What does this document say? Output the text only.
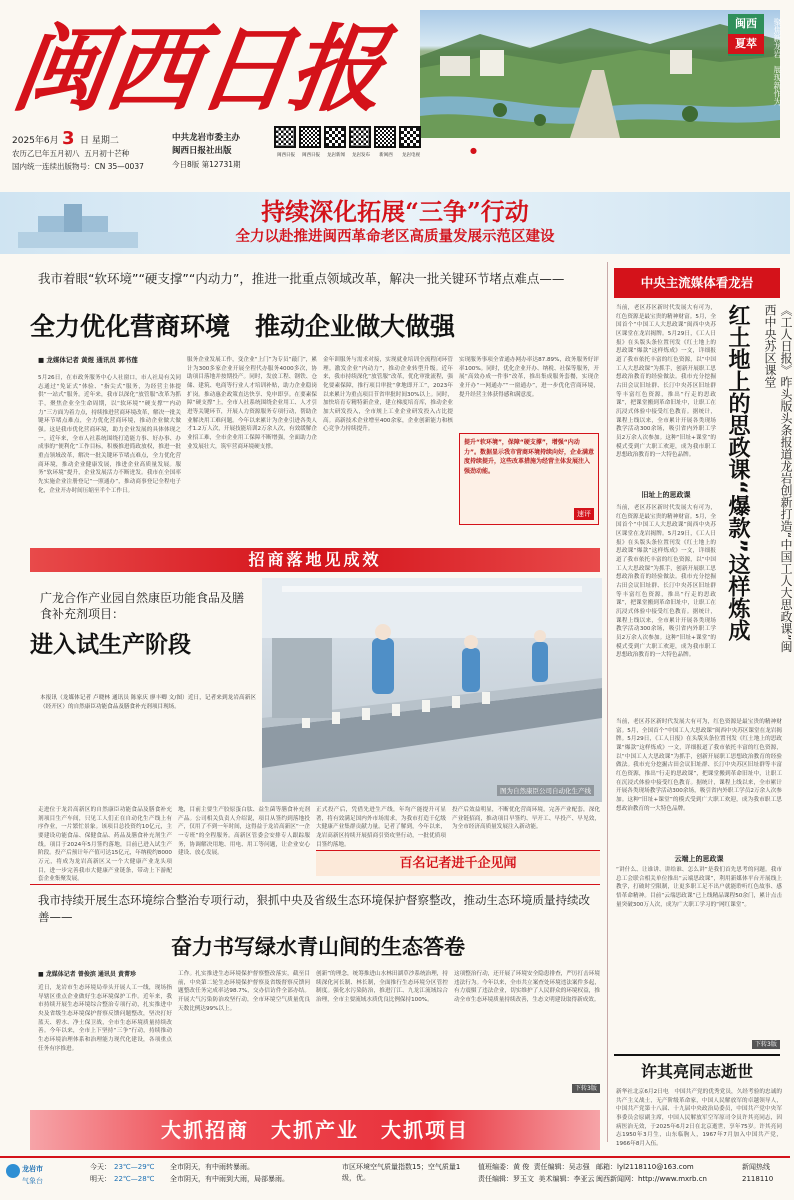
闽西日报	闽西
夏萃	聚焦新龙岩   展现新作为
●
2025年6月 3 日 星期二
农历乙巳年五月初八  五月初十芒种
国内统一连续出版物号：CN 35—0037
中共龙岩市委主办
闽西日报社出版
今日8版 第12731期
闽西日报	闽西日报	龙岩新闻	龙岩发布	新闽西	龙岩电视
持续深化拓展“三争”行动
全力以赴推进闽西革命老区高质量发展示范区建设
我市着眼“软环境”“硬支撑”“内动力”，推进一批重点领域改革，解决一批关键环节堵点难点——
全力优化营商环境　推动企业做大做强
■ 龙媒体记者 黄煜 通讯员 郭书莲
5月26日，在市政务服务中心人社窗口，市人社局有关同志通过“免证式”体验、“指尖式”服务，为经营主体提供“一站式”服务。近年来，我市以深化“放管服”改革为抓手，聚焦企业全生命周期，以“软环境”“硬支撑”“内动力”三方面为着力点，持续推进营商环境改革，解决一批关键环节堵点难点，全力优化营商环境，推动企业做大做强。这是我市优化营商环境，助力企业发展的具体体现之一。近年来，全市人社系统围绕打造能力事、好办事、办成事的“便利化”工作目标，积极推进简政放权，推进一批重点领域改革，解决一批关键环节堵点难点，全力优化营商环境，推动企业健康发展，推进企业高质量发展。服务“软环境”提升，企业发展活力不断迸发。我市在全国率先实施企业注册登记“一照通办”，推动商事登记全程电子化，企业开办时间压缩至半个工作日。
服务企业发展工作，变企业“上门”为专员“敲门”，累计为300多家企业开展全程代办服务4000多次，协助项目落地并按期投产。同时，发放工程、钢铁、仓储、建筑、电商等行业人才培训补贴，助力企业稳岗扩岗。推动惠企政策直达快享、免申即享。在要素保障“硬支撑”上，全市人社系统围绕企业用工、人才引进等关键环节，开展人力资源服务专项行动，帮助企业解决用工难问题。今年以来累计为企业引进各类人才1.2万人次，开展技能培训2万余人次，有效缓解企业招工难，全市企业用工保障不断增强，全面助力企业发展壮大，筑牢营商环境硬支撑。
金年训服务与需求对接，实现就业培训全流程闭环管理。激发企业“内动力”，推动企业转型升级。近年来，我市持续深化“放管服”改革，优化审批流程，强化要素保障，推行项目审批“拿地即开工”，2023年以来累计为重点项目节省审批时间30%以上。同时，加快培育专精特新企业，建立梯度培育库，推动企业加大研发投入，全市规上工业企业研发投入占比提高。高新技术企业增至400余家，企业创新能力和核心竞争力持续提升。
实现服务事项全省通办网办率达87.89%，政务服务好评率100%。同时，优化企业开办、纳税、社保等服务，开展“高效办成一件事”改革，推出集成服务套餐，实现企业开办“一网通办”“一窗通办”，进一步优化营商环境，提升经营主体获得感和满意度。
提升“软环境”，保障“硬支撑”，增强“内动力”。数据显示我市营商环境持续向好，企业满意度持续提升，这些改革措施为经营主体发展注入强劲动能。
速评
招商落地见成效
广龙合作产业园自然康臣功能食品及膳食补充剂项目：
进入试生产阶段
图为自然康臣公司自动化生产线
本报讯（龙媒体记者 卢晓林 通讯员 陈家庆 廖丰卿 文/图）近日，记者来到龙岩高新区（经开区）的自然康臣功能食品及膳食补充剂项目现场。
走进位于龙岩高新区的自然康臣功能食品及膳食补充剂项目生产车间，只见工人们正在自动化生产线上有序作业，一片繁忙景象。该项目总投资约10亿元，主要建设功能食品、保健食品、药品及膳食补充剂生产线。项目于2024年5月签约落地，目前已进入试生产阶段。投产后预计年产值可达15亿元，年纳税约8000万元，将成为龙岩高新区又一个大健康产业龙头项目，进一步完善我市大健康产业链条，带动上下游配套企业集聚发展。
地，目前主要生产胶原蛋白肽、益生菌等膳食补充剂产品。公司相关负责人介绍说，项目从签约到落地投产，仅用了不到一年时间，这得益于龙岩高新区“一企一专班”的全程服务。高新区管委会安排专人跟踪服务，协调解决用地、用电、用工等问题，让企业安心建设、放心发展。
正式投产后，凭借先进生产线，年均产能提升可显著，将有效满足国内外市场需求，为我市打造千亿级大健康产业集群贡献力量。记者了解到，今年以来，龙岩高新区持续开展招商引资攻坚行动，一批优质项目签约落地。
投产后效益明显，不断优化营商环境，完善产业配套，深化产业链招商，推动项目早签约、早开工、早投产、早见效，为全市经济高质量发展注入新动能。
百名记者进千企见闻
我市持续开展生态环境综合整治专项行动，狠抓中央及省级生态环境保护督察整改，推动生态环境质量持续改善——
奋力书写绿水青山间的生态答卷
■ 龙媒体记者 曾俊滨 通讯员 黄菁珍
近日，龙岩市生态环境局牵头开展人工一线，现场指导辖区重点企业做好生态环境保护工作。近年来，我市持续开展生态环境综合整治专项行动，扎实推进中央及省级生态环境保护督察反馈问题整改，坚决打好蓝天、碧水、净土保卫战，全市生态环境质量持续改善。今年以来，全市上下坚持“三争”行动，持续推动生态环境治理体系和治理能力现代化建设，各项重点任务有序推进。
工作。扎实推进生态环境保护督察整改落实，截至目前，中央第二轮生态环境保护督察及省级督察反馈问题整改任务完成率达98.7%，交办信访件全部办结。开展大气污染防治攻坚行动，全市环境空气质量优良天数比例达99%以上。
创新”的理念，统筹推进山水林田湖草沙系统治理，持续深化河长制、林长制，全面推行生态环境分区管控制度。强化水污染防治，推进汀江、九龙江流域综合治理，全市主要流域水质优良比例保持100%。
这项整治行动，还开展了环境安全隐患排查，严厉打击环境违法行为。今年以来，全市共立案查处环境违法案件多起，有力震慑了违法企业，切实维护了人民群众的环境权益，推动全市生态环境质量持续改善，生态文明建设取得新成效。
下转3版
大抓招商　大抓产业　大抓项目
中央主流媒体看龙岩
《工人日报》昨头版头条报道龙岩创新打造“中国工人大思政课”闽西中央苏区课堂
红土地上的思政课“爆款”这样炼成
当前，老区苏区新时代发展大有可为，红色资源是最宝贵的精神财富。5月，全国首个“中国工人大思政课”闽西中央苏区课堂在龙岩揭牌。5月29日，《工人日报》在头版头条位置刊发《红土地上的思政课“爆款”这样炼成》一文，详细报道了我市依托丰富的红色资源，以“中国工人大思政课”为抓手，创新开展职工思想政治教育的经验做法。我市充分挖掘古田会议旧址群、长汀中央苏区旧址群等丰富红色资源，推出“行走的思政课”，把课堂搬到革命旧址中，让职工在沉浸式体验中接受红色教育。据统计，课程上线以来，全市累计开展各类现场教学活动300余场，吸引省内外职工学员2万余人次参加。这种“旧址+课堂”的模式受到广大职工欢迎，成为我市职工思想政治教育的一大特色品牌。
旧址上的思政课
当前，老区苏区新时代发展大有可为，红色资源是最宝贵的精神财富。5月，全国首个“中国工人大思政课”闽西中央苏区课堂在龙岩揭牌。5月29日，《工人日报》在头版头条位置刊发《红土地上的思政课“爆款”这样炼成》一文，详细报道了我市依托丰富的红色资源，以“中国工人大思政课”为抓手，创新开展职工思想政治教育的经验做法。我市充分挖掘古田会议旧址群、长汀中央苏区旧址群等丰富红色资源，推出“行走的思政课”，把课堂搬到革命旧址中，让职工在沉浸式体验中接受红色教育。据统计，课程上线以来，全市累计开展各类现场教学活动300余场，吸引省内外职工学员2万余人次参加。这种“旧址+课堂”的模式受到广大职工欢迎，成为我市职工思想政治教育的一大特色品牌。
当前，老区苏区新时代发展大有可为，红色资源是最宝贵的精神财富。5月，全国首个“中国工人大思政课”闽西中央苏区课堂在龙岩揭牌。5月29日，《工人日报》在头版头条位置刊发《红土地上的思政课“爆款”这样炼成》一文，详细报道了我市依托丰富的红色资源，以“中国工人大思政课”为抓手，创新开展职工思想政治教育的经验做法。我市充分挖掘古田会议旧址群、长汀中央苏区旧址群等丰富红色资源，推出“行走的思政课”，把课堂搬到革命旧址中，让职工在沉浸式体验中接受红色教育。据统计，课程上线以来，全市累计开展各类现场教学活动300余场，吸引省内外职工学员2万余人次参加。这种“旧址+课堂”的模式受到广大职工欢迎，成为我市职工思想政治教育的一大特色品牌。
云端上的思政课
“讲什么、让谁讲、讲给谁、怎么讲”是我们首先思考的问题。我市总工会联合相关单位推出“云端思政课”，利用新媒体平台开展线上教学，打破时空限制，让更多职工足不出户就能聆听红色故事、感悟革命精神。目前“云端思政课”已上线精品课程50余门，累计点击量突破300万人次，成为广大职工学习的“网红课堂”。
下转3版
许其亮同志逝世
新华社北京6月2日电　中国共产党的优秀党员，久经考验的忠诚的共产主义战士，无产阶级革命家，中国人民解放军的卓越领导人，中国共产党第十八届、十九届中央政治局委员，中国共产党中央军事委员会原副主席，中国人民解放军空军原司令员许其亮同志，因病医治无效，于2025年6月2日在北京逝世，享年75岁。许其亮同志1950年3月生，山东临朐人，1967年7月加入中国共产党，1966年8月入伍。
龙岩市
气象台
今天： 23℃—29℃ 全市阴天，有中雨转暴雨。
明天： 22℃—28℃ 全市阴天，有中雨到大雨，局部暴雨。
市区环境空气质量指数15；空气质量1级，优。
值班编委：黄 俊  责任编辑：吴志强
责任编辑：罗玉文  美术编辑：李亚云
邮箱：lyl2118110@163.com
闽西新闻网：http://www.mxrb.cn
新闻热线
2118110
